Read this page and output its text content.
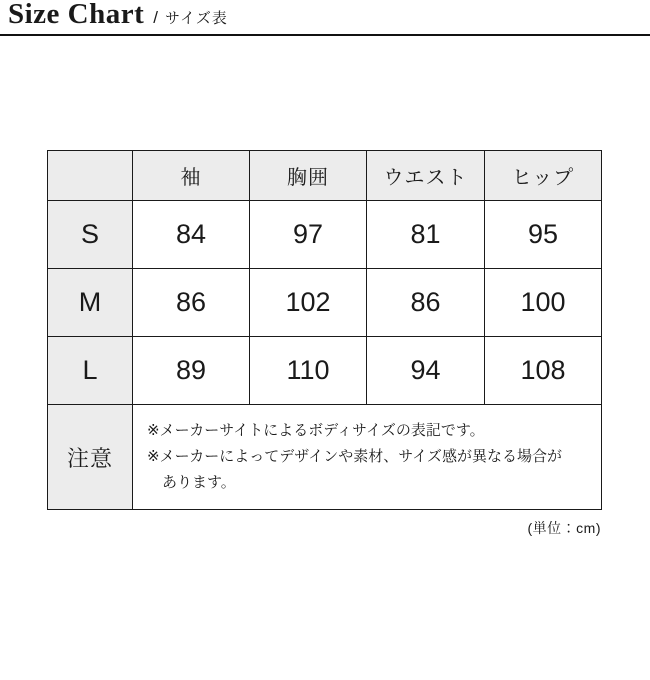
Size Chart / サイズ表
	袖	胸囲	ウエスト	ヒップ
S	84	97	81	95
M	86	102	86	100
L	89	110	94	108
注意	※メーカーサイトによるボディサイズの表記です。
※メーカーによってデザインや素材、サイズ感が異なる場合が
あります。			
(単位：cm)
